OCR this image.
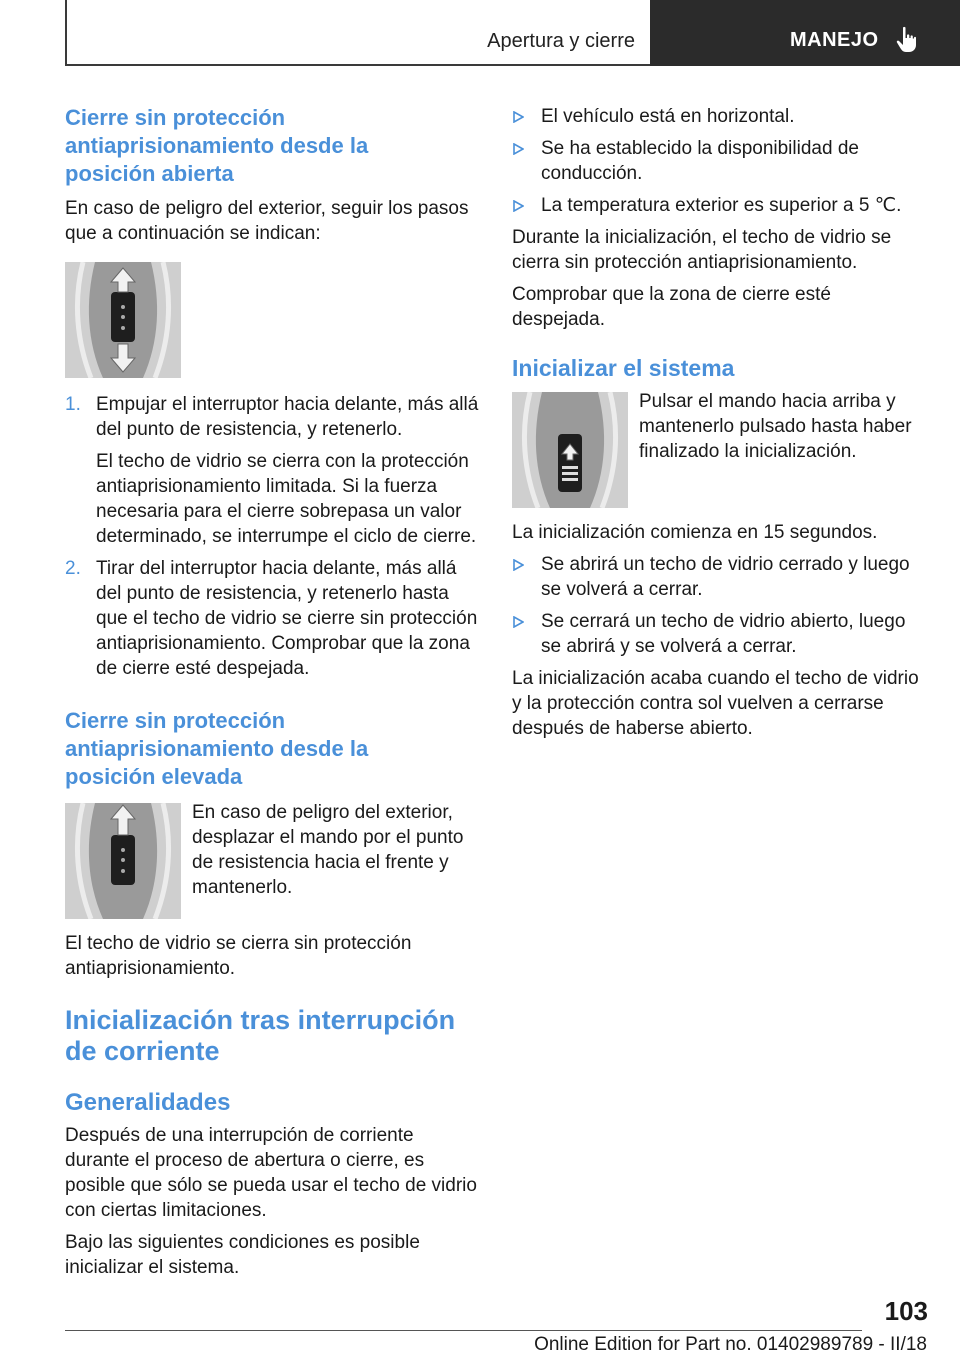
Apertura y cierre	MANEJO
Cierre sin protección antiaprisionamiento desde la posición abierta

En caso de peligro del exterior, seguir los pasos que a continuación se indican:

1. Empujar el interruptor hacia delante, más allá del punto de resistencia, y retenerlo.

El techo de vidrio se cierra con la protección antiaprisionamiento limitada. Si la fuerza necesaria para el cierre sobrepasa un valor determinado, se interrumpe el ciclo de cierre.

2. Tirar del interruptor hacia delante, más allá del punto de resistencia, y retenerlo hasta que el techo de vidrio se cierre sin protección antiaprisionamiento. Comprobar que la zona de cierre esté despejada.

Cierre sin protección antiaprisionamiento desde la posición elevada

En caso de peligro del exterior, desplazar el mando por el punto de resistencia hacia el frente y mantenerlo.

El techo de vidrio se cierra sin protección antiaprisionamiento.

Inicialización tras interrupción de corriente
Generalidades

Después de una interrupción de corriente durante el proceso de abertura o cierre, es posible que sólo se pueda usar el techo de vidrio con ciertas limitaciones.

Bajo las siguientes condiciones es posible inicializar el sistema.

El vehículo está en horizontal.

Se ha establecido la disponibilidad de conducción.

La temperatura exterior es superior a 5 ℃.

Durante la inicialización, el techo de vidrio se cierra sin protección antiaprisionamiento.

Comprobar que la zona de cierre esté despejada.

Inicializar el sistema

Pulsar el mando hacia arriba y mantenerlo pulsado hasta haber finalizado la inicialización.

La inicialización comienza en 15 segundos.

Se abrirá un techo de vidrio cerrado y luego se volverá a cerrar.

Se cerrará un techo de vidrio abierto, luego se abrirá y se volverá a cerrar.

La inicialización acaba cuando el techo de vidrio y la protección contra sol vuelven a cerrarse después de haberse abierto.

103
Online Edition for Part no. 01402989789 - II/18
